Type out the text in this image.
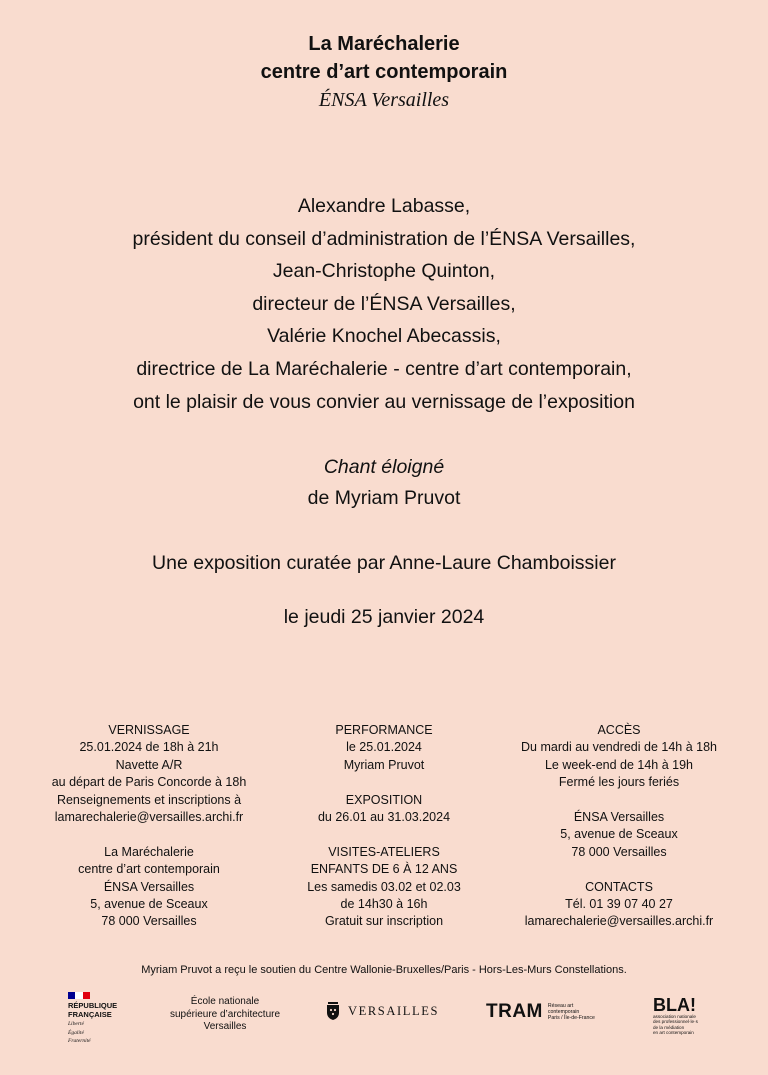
La Maréchalerie
centre d’art contemporain
ÉNSA Versailles
Alexandre Labasse,
président du conseil d’administration de l’ÉNSA Versailles,
Jean-Christophe Quinton,
directeur de l’ÉNSA Versailles,
Valérie Knochel Abecassis,
directrice de La Maréchalerie - centre d’art contemporain,
ont le plaisir de vous convier au vernissage de l’exposition
Chant éloigné
de Myriam Pruvot
Une exposition curatée par Anne-Laure Chamboissier
le jeudi 25 janvier 2024
VERNISSAGE
25.01.2024 de 18h à 21h
Navette A/R
au départ de Paris Concorde à 18h
Renseignements et inscriptions à
lamarechalerie@versailles.archi.fr
La Maréchalerie
centre d’art contemporain
ÉNSA Versailles
5, avenue de Sceaux
78 000 Versailles
PERFORMANCE
le 25.01.2024
Myriam Pruvot
EXPOSITION
du 26.01 au 31.03.2024
VISITES-ATELIERS
ENFANTS DE 6 À 12 ANS
Les samedis 03.02 et 02.03
de 14h30 à 16h
Gratuit sur inscription
ACCÈS
Du mardi au vendredi de 14h à 18h
Le week-end de 14h à 19h
Fermé les jours feriés
ÉNSA Versailles
5, avenue de Sceaux
78 000 Versailles
CONTACTS
Tél. 01 39 07 40 27
lamarechalerie@versailles.archi.fr
Myriam Pruvot a reçu le soutien du Centre Wallonie-Bruxelles/Paris - Hors-Les-Murs Constellations.
RÉPUBLIQUE
FRANÇAISE
Liberté
Égalité
Fraternité
École nationale
supérieure d’architecture
Versailles
VERSAILLES TRAM Réseau art
contemporain
Paris / Île-de-France
BLA!
association nationale
des professionnel·le·s
de la médiation
en art contemporain
